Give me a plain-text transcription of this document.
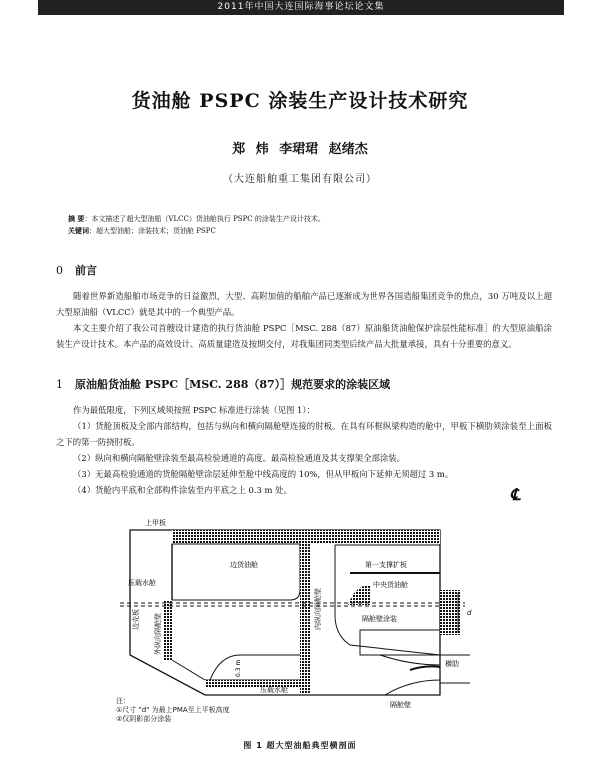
2011年中国大连国际海事论坛论文集
货油舱 PSPC 涂装生产设计技术研究
郑 炜 李珺珺 赵绪杰
（大连船舶重工集团有限公司）
摘 要：本文描述了超大型油船（VLCC）货油舱执行 PSPC 的涂装生产设计技术。
关键词：超大型油船；涂装技术；货油舱 PSPC
0 前言
随着世界新造船舶市场竞争的日益激烈，大型、高附加值的船舶产品已逐渐成为世界各国造船集团竞争的焦点，30 万吨及以上超大型原油船（VLCC）就是其中的一个典型产品。
本文主要介绍了我公司首艘设计建造的执行货油舱 PSPC［MSC. 288（87）原油船货油舱保护涂层性能标准］的大型原油船涂装生产设计技术。本产品的高效设计、高质量建造及按期交付，对我集团同类型后续产品大批量承接，具有十分重要的意义。
1 原油船货油舱 PSPC［MSC. 288（87）］规范要求的涂装区域
作为最低限度，下列区域须按照 PSPC 标准进行涂装（见图 1）：
（1）货舱顶板及全部内部结构，包括与纵向和横向隔舱壁连接的肘板。在具有环框纵梁构造的舱中，甲板下横肋须涂装至上面板之下的第一防挠肘板。
（2）纵向和横向隔舱壁涂装至最高检验通道的高度。最高检验通道及其支撑架全部涂装。
（3）无最高检验通道的货舱隔舱壁涂层延伸至舱中线高度的 10%，但从甲板向下延伸无须超过 3 m。
（4）货舱内平底和全部构件涂装至内平底之上 0.3 m 处。	℄
上甲板
边货油舱	第一支撑扩板
中央货油舱
压载水舱
隔舱壁涂装
横肋
压载水舱
隔舱壁
d
边壳板 外纵向隔舱壁
内纵向隔舱壁
0.3 m
注：
①尺寸 "d" 为最上PMA至上平板高度
②仅阴影部分涂装
图 1 超大型油船典型横剖面
